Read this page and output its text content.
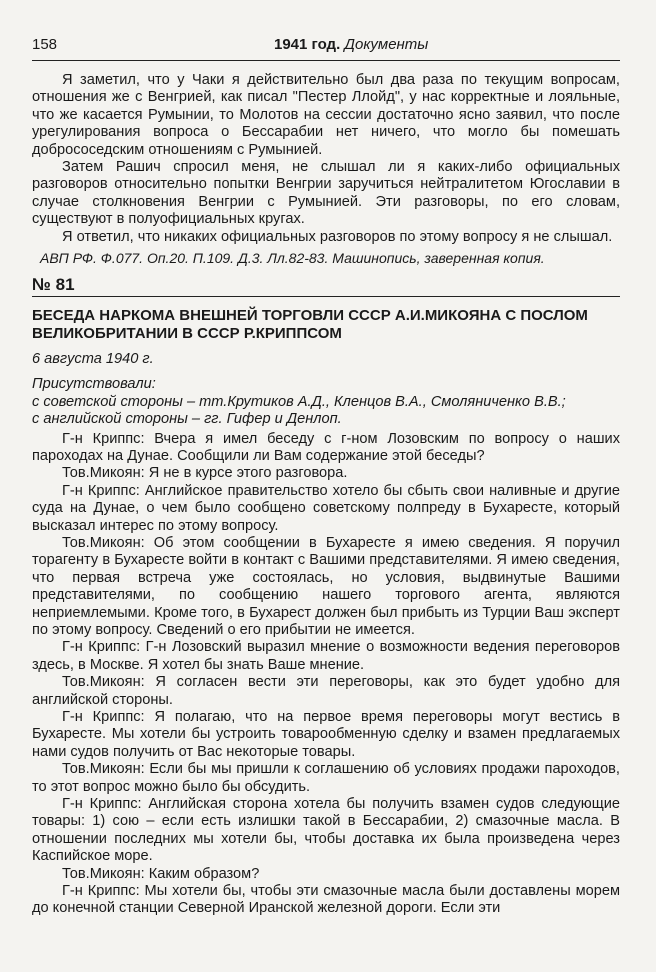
158	1941 год. Документы

Я заметил, что у Чаки я действительно был два раза по текущим вопросам, отношения же с Венгрией, как писал "Пестер Ллойд", у нас корректные и лояльные, что же касается Румынии, то Молотов на сессии достаточно ясно заявил, что после урегулирования вопроса о Бессарабии нет ничего, что могло бы помешать добрососедским отношениям с Румынией.

Затем Рашич спросил меня, не слышал ли я каких-либо официальных разговоров относительно попытки Венгрии заручиться нейтралитетом Югославии в случае столкновения Венгрии с Румынией. Эти разговоры, по его словам, существуют в полуофициальных кругах.

Я ответил, что никаких официальных разговоров по этому вопросу я не слышал.

АВП РФ. Ф.077. Оп.20. П.109. Д.3. Лл.82-83. Машинопись, заверенная копия.

№ 81
БЕСЕДА НАРКОМА ВНЕШНЕЙ ТОРГОВЛИ СССР А.И.МИКОЯНА С ПОСЛОМ ВЕЛИКОБРИТАНИИ В СССР Р.КРИППСОМ
6 августа 1940 г.
Присутствовали:
с советской стороны – тт.Крутиков А.Д., Кленцов В.А., Смоляниченко В.В.;
с английской стороны – гг. Гифер и Денлоп.

Г-н Криппс: Вчера я имел беседу с г-ном Лозовским по вопросу о наших пароходах на Дунае. Сообщили ли Вам содержание этой беседы?

Тов.Микоян: Я не в курсе этого разговора.

Г-н Криппс: Английское правительство хотело бы сбыть свои наливные и другие суда на Дунае, о чем было сообщено советскому полпреду в Бухаресте, который высказал интерес по этому вопросу.

Тов.Микоян: Об этом сообщении в Бухаресте я имею сведения. Я поручил торагенту в Бухаресте войти в контакт с Вашими представителями. Я имею сведения, что первая встреча уже состоялась, но условия, выдвинутые Вашими представителями, по сообщению нашего торгового агента, являются неприемлемыми. Кроме того, в Бухарест должен был прибыть из Турции Ваш эксперт по этому вопросу. Сведений о его прибытии не имеется.

Г-н Криппс: Г-н Лозовский выразил мнение о возможности ведения переговоров здесь, в Москве. Я хотел бы знать Ваше мнение.

Тов.Микоян: Я согласен вести эти переговоры, как это будет удобно для английской стороны.

Г-н Криппс: Я полагаю, что на первое время переговоры могут вестись в Бухаресте. Мы хотели бы устроить товарообменную сделку и взамен предлагаемых нами судов получить от Вас некоторые товары.

Тов.Микоян: Если бы мы пришли к соглашению об условиях продажи пароходов, то этот вопрос можно было бы обсудить.

Г-н Криппс: Английская сторона хотела бы получить взамен судов следующие товары: 1) сою – если есть излишки такой в Бессарабии, 2) смазочные масла. В отношении последних мы хотели бы, чтобы доставка их была произведена через Каспийское море.

Тов.Микоян: Каким образом?

Г-н Криппс: Мы хотели бы, чтобы эти смазочные масла были доставлены морем до конечной станции Северной Иранской железной дороги. Если эти
